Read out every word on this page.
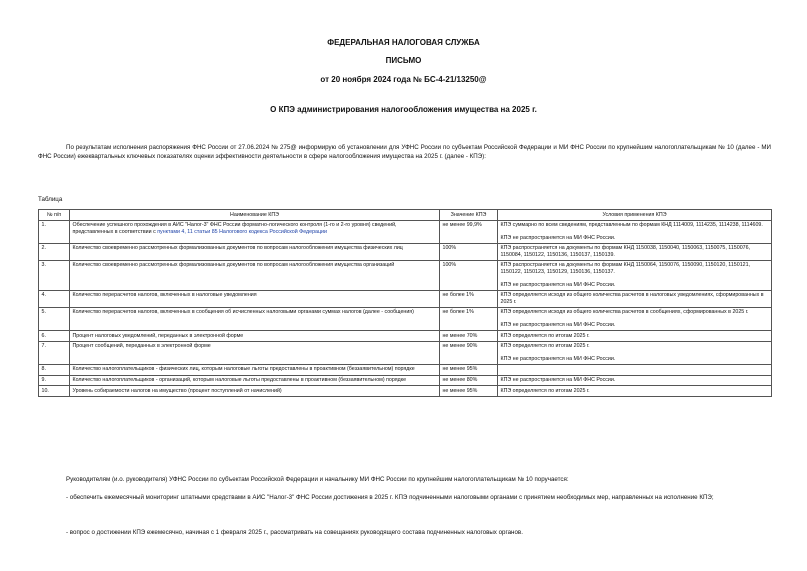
ФЕДЕРАЛЬНАЯ НАЛОГОВАЯ СЛУЖБА
ПИСЬМО
от 20 ноября 2024 года № БС-4-21/13250@
О КПЭ администрирования налогообложения имущества на 2025 г.
По результатам исполнения распоряжения ФНС России от 27.06.2024 № 275@ информирую об установлении для УФНС России по субъектам Российской Федерации и МИ ФНС России по крупнейшим налогоплательщикам № 10 (далее - МИ ФНС России) ежеквартальных ключевых показателях оценки эффективности деятельности в сфере налогообложения имущества на 2025 г. (далее - КПЭ):
Таблица
№ п/п	Наименование КПЭ	Значение КПЭ	Условия применения КПЭ
1.	Обеспечение успешного прохождения в АИС "Налог-3" ФНС России форматно-логического контроля (1-го и 2-го уровня) сведений, представленных в соответствии с пунктами 4, 11 статьи 85 Налогового кодекса Российской Федерации	не менее 99,9%	КПЭ суммарно по всем сведениям, представленным по формам КНД 1114009, 1114235, 1114238, 1114609.
КПЭ не распространяется на МИ ФНС России.
2.	Количество своевременно рассмотренных формализованных документов по вопросам налогообложения имущества физических лиц	100%	КПЭ распространяется на документы по формам КНД 1150038, 1150040, 1150063, 1150075, 1150076, 1150084, 1150122, 1150136, 1150137, 1150139.
3.	Количество своевременно рассмотренных формализованных документов по вопросам налогообложения имущества организаций	100%	КПЭ распространяется на документы по формам КНД 1150064, 1150076, 1150090, 1150120, 1150121, 1150122, 1150123, 1150129, 1150136, 1150137.
КПЭ не распространяется на МИ ФНС России.
4.	Количество перерасчетов налогов, включенных в налоговые уведомления	не более 1%	КПЭ определяется исходя из общего количества расчетов в налоговых уведомлениях, сформированных в 2025 г.
5.	Количество перерасчетов налогов, включенных в сообщения об исчисленных налоговыми органами суммах налогов (далее - сообщения)	не более 1%	КПЭ определяется исходя из общего количества расчетов в сообщениях, сформированных в 2025 г.
КПЭ не распространяется на МИ ФНС России.
6.	Процент налоговых уведомлений, переданных в электронной форме	не менее 70%	КПЭ определяется по итогам 2025 г.
7.	Процент сообщений, переданных в электронной форме	не менее 90%	КПЭ определяется по итогам 2025 г.
КПЭ не распространяется на МИ ФНС России.
8.	Количество налогоплательщиков - физических лиц, которым налоговые льготы предоставлены в проактивном (беззаявительном) порядке	не менее 95%	
9.	Количество налогоплательщиков - организаций, которым налоговые льготы предоставлены в проактивном (беззаявительном) порядке	не менее 80%	КПЭ не распространяется на МИ ФНС России.
10.	Уровень собираемости налогов на имущество (процент поступлений от начислений)	не менее 95%	КПЭ определяется по итогам 2025 г.
Руководителям (и.о. руководителя) УФНС России по субъектам Российской Федерации и начальнику МИ ФНС России по крупнейшим налогоплательщикам № 10 поручается:
- обеспечить ежемесячный мониторинг штатными средствами в АИС "Налог-3" ФНС России достижения в 2025 г. КПЭ подчиненными налоговыми органами с принятием необходимых мер, направленных на исполнение КПЭ;
- вопрос о достижении КПЭ ежемесячно, начиная с 1 февраля 2025 г., рассматривать на совещаниях руководящего состава подчиненных налоговых органов.
